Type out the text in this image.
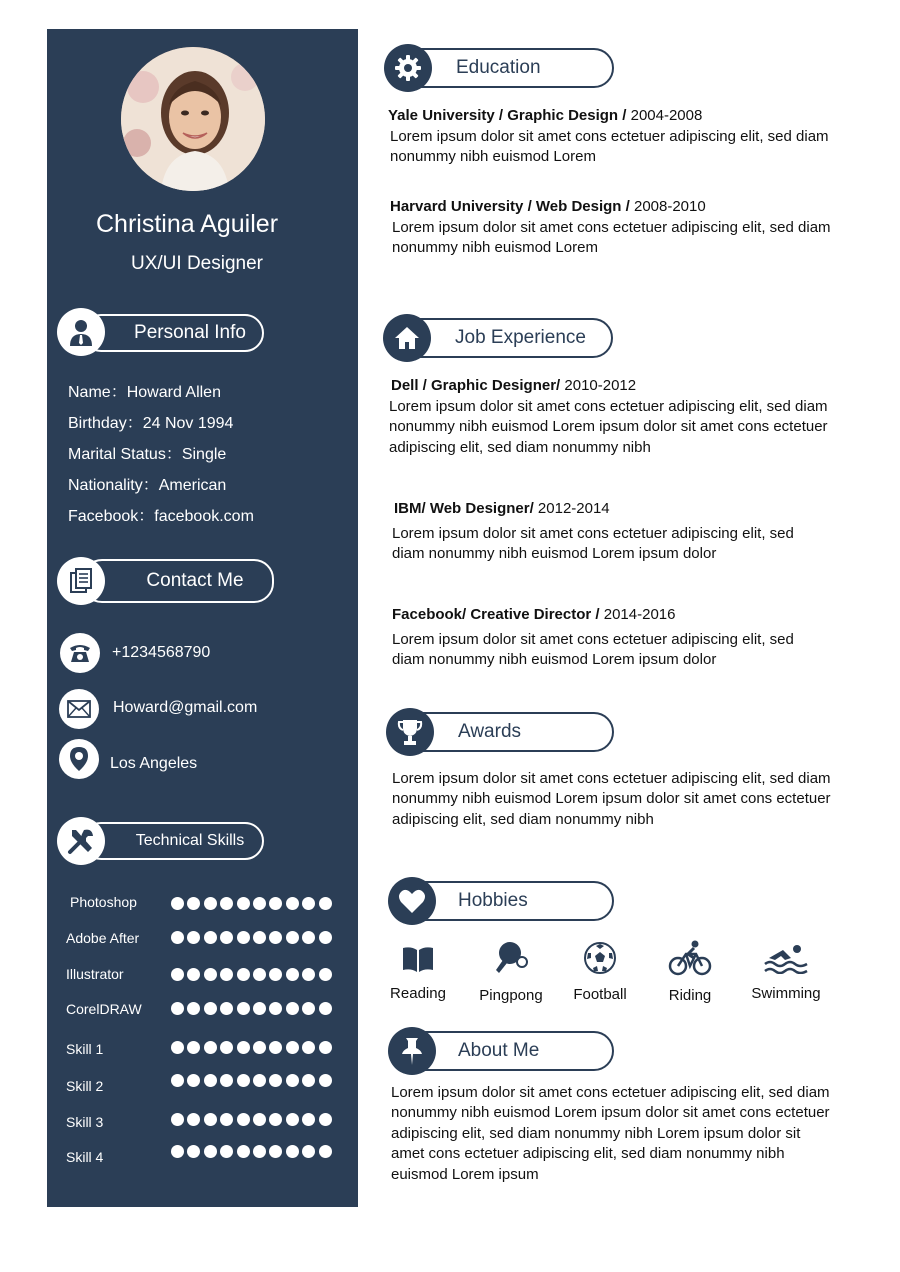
Christina Aguiler
UX/UI Designer
Personal Info
Name：Howard Allen
Birthday：24 Nov 1994
Marital Status：Single
Nationality：American
Facebook：facebook.com
Contact Me
+1234568790
Howard@gmail.com
Los Angeles
Technical Skills
Photoshop
Adobe After
Illustrator
CorelDRAW
Skill 1
Skill 2
Skill 3
Skill 4
Education
Yale University / Graphic Design / 2004-2008
Lorem ipsum dolor sit amet cons ectetuer adipiscing elit, sed diam nonummy nibh euismod Lorem
Harvard University / Web Design / 2008-2010
Lorem ipsum dolor sit amet cons ectetuer adipiscing elit, sed diam nonummy nibh euismod Lorem
Job Experience
Dell / Graphic Designer/ 2010-2012
Lorem ipsum dolor sit amet cons ectetuer adipiscing elit, sed diam nonummy nibh euismod Lorem ipsum dolor sit amet cons ectetuer adipiscing elit, sed diam nonummy nibh
IBM/ Web Designer/ 2012-2014
Lorem ipsum dolor sit amet cons ectetuer adipiscing elit, sed diam nonummy nibh euismod Lorem ipsum dolor
Facebook/ Creative Director / 2014-2016
Lorem ipsum dolor sit amet cons ectetuer adipiscing elit, sed diam nonummy nibh euismod Lorem ipsum dolor
Awards
Lorem ipsum dolor sit amet cons ectetuer adipiscing elit, sed diam nonummy nibh euismod Lorem ipsum dolor sit amet cons ectetuer adipiscing elit, sed diam nonummy nibh
Hobbies
Reading Pingpong	Football	Riding	Swimming
About Me
Lorem ipsum dolor sit amet cons ectetuer adipiscing elit, sed diam nonummy nibh euismod Lorem ipsum dolor sit amet cons ectetuer adipiscing elit, sed diam nonummy nibh Lorem ipsum dolor sit amet cons ectetuer adipiscing elit, sed diam nonummy nibh euismod Lorem ipsum
